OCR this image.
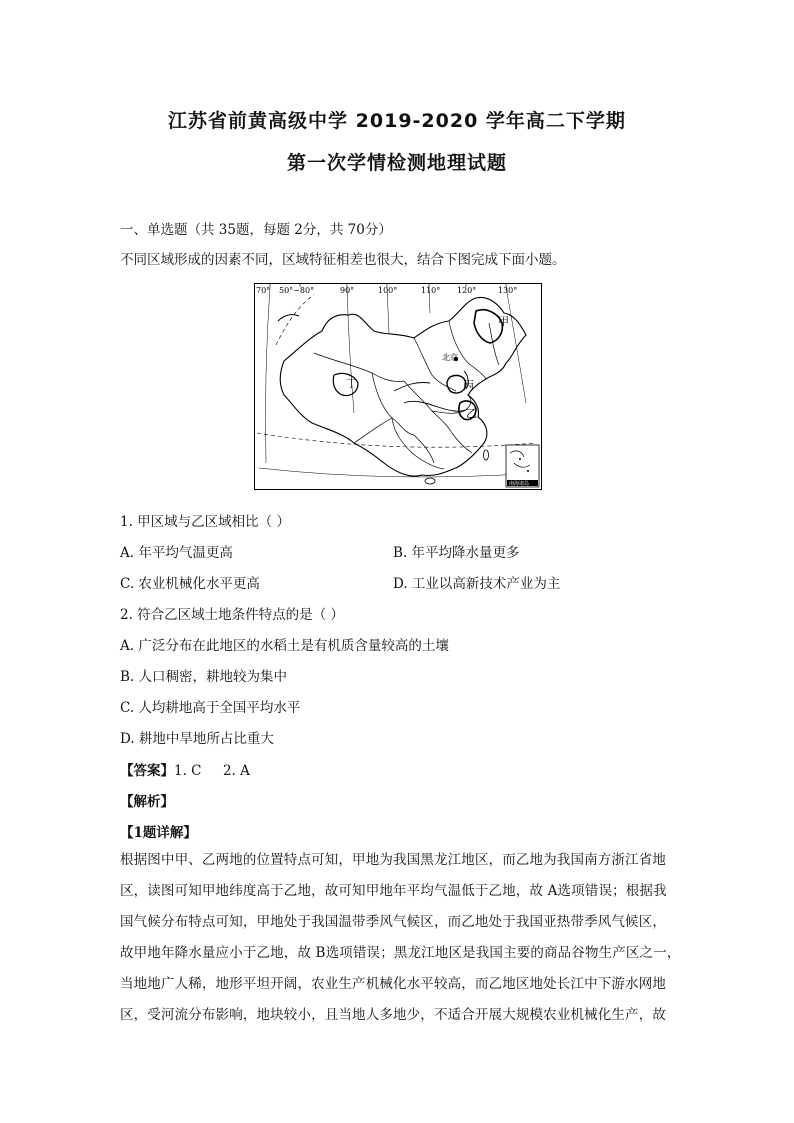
江苏省前黄高级中学 2019-2020 学年高二下学期
第一次学情检测地理试题
一、单选题（共 35题，每题 2分，共 70分）
不同区域形成的因素不同，区域特征相差也很大，结合下图完成下面小题。
70° 50°~80°	90°	100°	110° 120°	130°
甲
乙
丙
丁
北京
南海诸岛
1. 甲区域与乙区域相比（ ）
A. 年平均气温更高	B. 年平均降水量更多
C. 农业机械化水平更高	D. 工业以高新技术产业为主
2. 符合乙区域土地条件特点的是（ ）
A. 广泛分布在此地区的水稻土是有机质含量较高的土壤
B. 人口稠密，耕地较为集中
C. 人均耕地高于全国平均水平
D. 耕地中旱地所占比重大
【答案】1. C     2. A
【解析】
【1题详解】
根据图中甲、乙两地的位置特点可知，甲地为我国黑龙江地区，而乙地为我国南方浙江省地
区，读图可知甲地纬度高于乙地，故可知甲地年平均气温低于乙地，故 A选项错误；根据我
国气候分布特点可知，甲地处于我国温带季风气候区，而乙地处于我国亚热带季风气候区，
故甲地年降水量应小于乙地，故 B选项错误；黑龙江地区是我国主要的商品谷物生产区之一，
当地地广人稀，地形平坦开阔，农业生产机械化水平较高，而乙地区地处长江中下游水网地
区，受河流分布影响，地块较小，且当地人多地少，不适合开展大规模农业机械化生产，故
